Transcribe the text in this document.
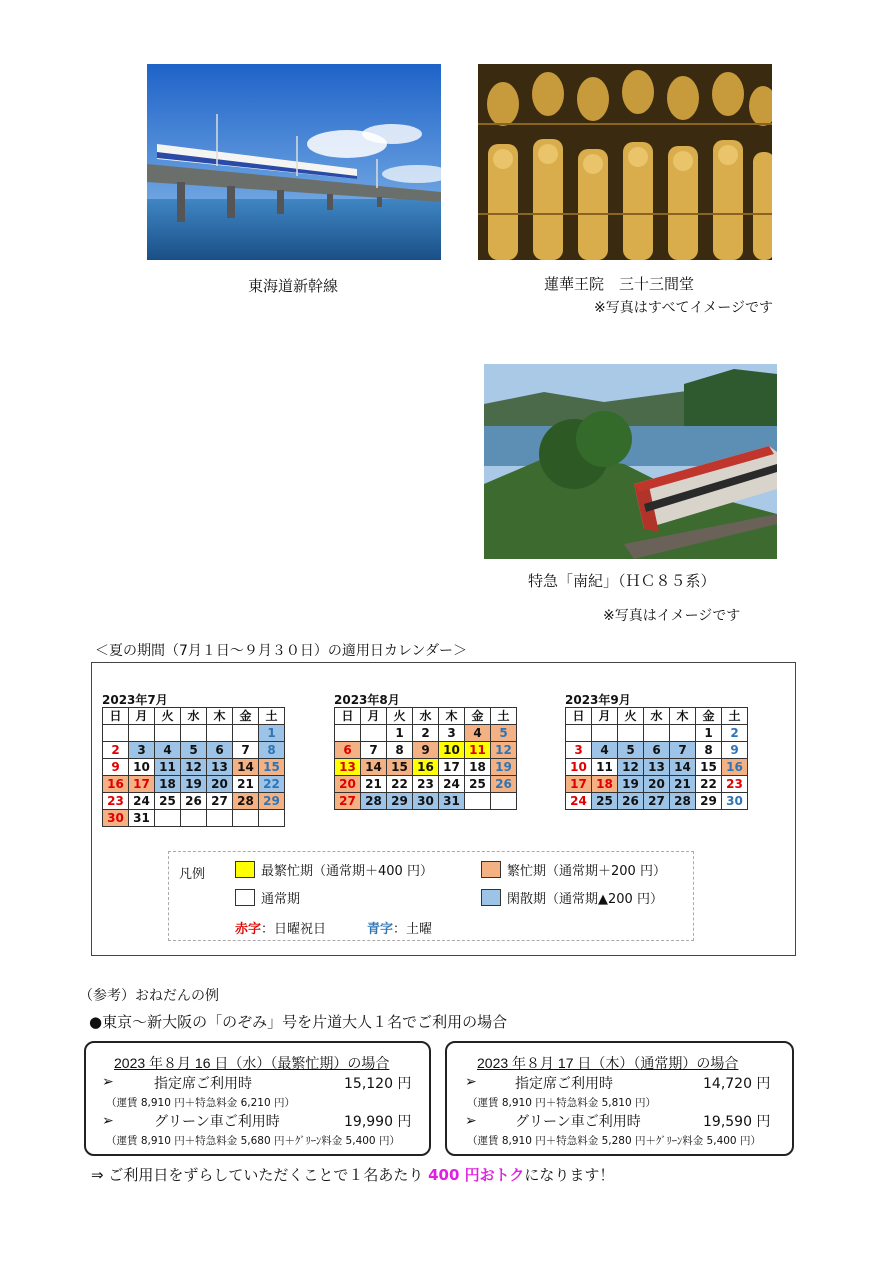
東海道新幹線	蓮華王院　三十三間堂
※写真はすべてイメージです
特急「南紀」（ＨＣ８５系）
※写真はイメージです
＜夏の期間（7月１日～９月３０日）の適用日カレンダー＞
2023年7月
日	月	火	水	木	金	土
						1
2	3	4	5	6	7	8
9	10	11	12	13	14	15
16	17	18	19	20	21	22
23	24	25	26	27	28	29
30	31					
2023年8月
日	月	火	水	木	金	土
		1	2	3	4	5
6	7	8	9	10	11	12
13	14	15	16	17	18	19
20	21	22	23	24	25	26
27	28	29	30	31		
2023年9月
日	月	火	水	木	金	土
					1	2
3	4	5	6	7	8	9
10	11	12	13	14	15	16
17	18	19	20	21	22	23
24	25	26	27	28	29	30
凡例	最繁忙期（通常期＋400 円）	繁忙期（通常期＋200 円）
通常期	閑散期（通常期▲200 円）
赤字 ：日曜祝日	青字 ：土曜
（参考）おねだんの例
●東京～新大阪の「のぞみ」号を片道大人１名でご利用の場合
2023 年８月 16 日（水）（最繁忙期）の場合
➢	指定席ご利用時	15,120 円
（運賃 8,910 円＋特急料金 6,210 円）
➢	グリーン車ご利用時	19,990 円
（運賃 8,910 円＋特急料金 5,680 円＋ｸﾞﾘｰﾝ料金 5,400 円）
2023 年８月 17 日（木）（通常期）の場合
➢	指定席ご利用時	14,720 円
（運賃 8,910 円＋特急料金 5,810 円）
➢	グリーン車ご利用時	19,590 円
（運賃 8,910 円＋特急料金 5,280 円＋ｸﾞﾘｰﾝ料金 5,400 円）
⇒ ご利用日をずらしていただくことで１名あたり 400 円おトクになります！
